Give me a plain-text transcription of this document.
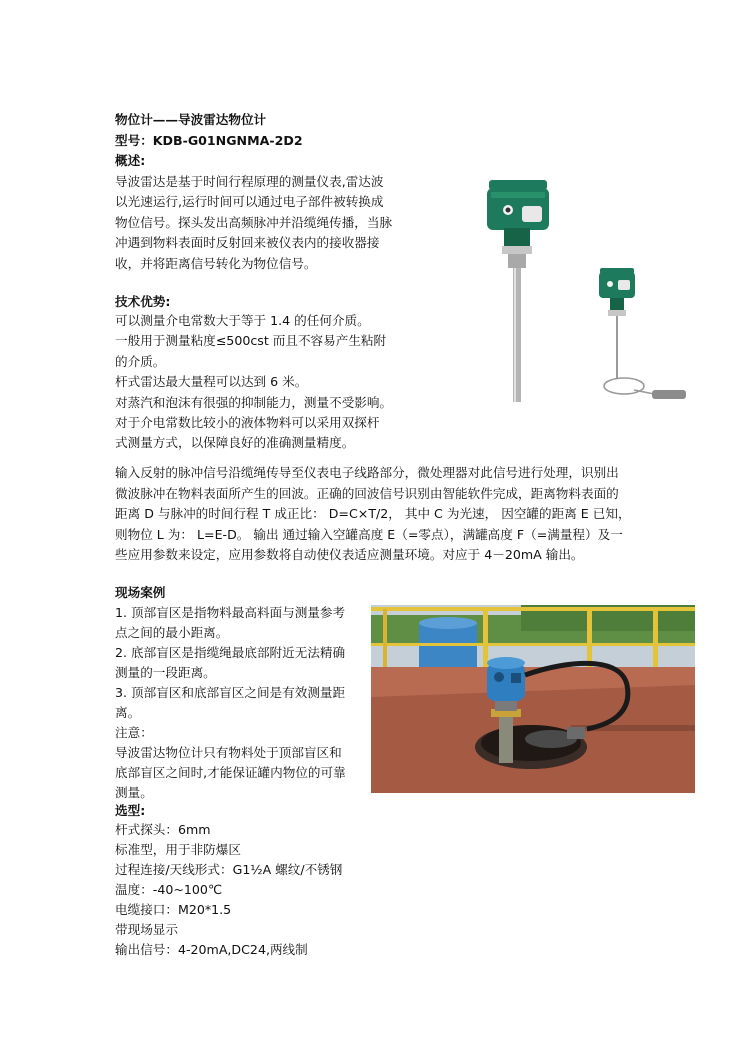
物位计——导波雷达物位计
型号：KDB-G01NGNMA-2D2
概述:
导波雷达是基于时间行程原理的测量仪表,雷达波
以光速运行,运行时间可以通过电子部件被转换成
物位信号。探头发出高频脉冲并沿缆绳传播，当脉
冲遇到物料表面时反射回来被仪表内的接收器接
收，并将距离信号转化为物位信号。
技术优势:
可以测量介电常数大于等于 1.4 的任何介质。
一般用于测量粘度≤500cst 而且不容易产生粘附
的介质。
杆式雷达最大量程可以达到 6 米。
对蒸汽和泡沫有很强的抑制能力，测量不受影响。
对于介电常数比较小的液体物料可以采用双探杆
式测量方式，以保障良好的准确测量精度。
输入反射的脉冲信号沿缆绳传导至仪表电子线路部分，微处理器对此信号进行处理，识别出
微波脉冲在物料表面所产生的回波。正确的回波信号识别由智能软件完成，距离物料表面的
距离 D 与脉冲的时间行程 T 成正比： D=C×T/2， 其中 C 为光速， 因空罐的距离 E 已知，
则物位 L 为： L=E-D。 输出 通过输入空罐高度 E（=零点），满罐高度 F（=满量程）及一
些应用参数来设定，应用参数将自动使仪表适应测量环境。对应于 4－20mA 输出。
现场案例
1. 顶部盲区是指物料最高料面与测量参考
点之间的最小距离。
2. 底部盲区是指缆绳最底部附近无法精确
测量的一段距离。
3. 顶部盲区和底部盲区之间是有效测量距
离。
注意：
导波雷达物位计只有物料处于顶部盲区和
底部盲区之间时,才能保证罐内物位的可靠
测量。
选型:
杆式探头：6mm
标准型，用于非防爆区
过程连接/天线形式：G1½A 螺纹/不锈钢
温度：-40~100℃
电缆接口：M20*1.5
带现场显示
输出信号：4-20mA,DC24,两线制
